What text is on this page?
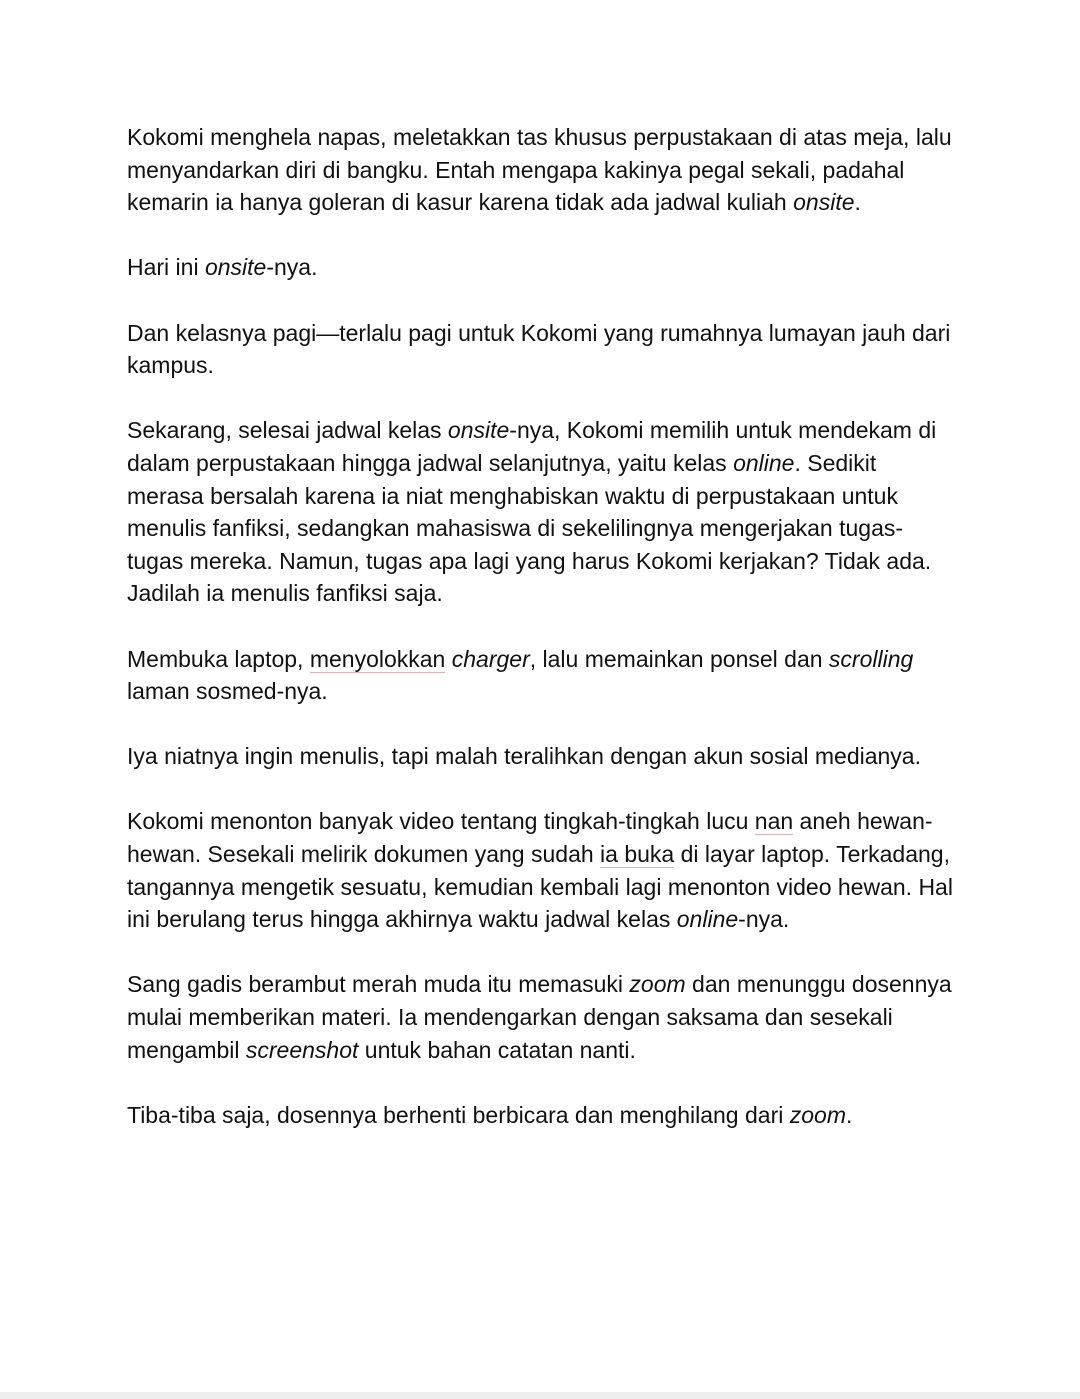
Kokomi menghela napas, meletakkan tas khusus perpustakaan di atas meja, lalu menyandarkan diri di bangku. Entah mengapa kakinya pegal sekali, padahal kemarin ia hanya goleran di kasur karena tidak ada jadwal kuliah onsite.

Hari ini onsite-nya.

Dan kelasnya pagi—terlalu pagi untuk Kokomi yang rumahnya lumayan jauh dari kampus.

Sekarang, selesai jadwal kelas onsite-nya, Kokomi memilih untuk mendekam di dalam perpustakaan hingga jadwal selanjutnya, yaitu kelas online. Sedikit merasa bersalah karena ia niat menghabiskan waktu di perpustakaan untuk menulis fanfiksi, sedangkan mahasiswa di sekelilingnya mengerjakan tugas-tugas mereka. Namun, tugas apa lagi yang harus Kokomi kerjakan? Tidak ada. Jadilah ia menulis fanfiksi saja.

Membuka laptop, menyolokkan charger, lalu memainkan ponsel dan scrolling laman sosmed-nya.

Iya niatnya ingin menulis, tapi malah teralihkan dengan akun sosial medianya.

Kokomi menonton banyak video tentang tingkah-tingkah lucu nan aneh hewan-hewan. Sesekali melirik dokumen yang sudah ia buka di layar laptop. Terkadang, tangannya mengetik sesuatu, kemudian kembali lagi menonton video hewan. Hal ini berulang terus hingga akhirnya waktu jadwal kelas online-nya.

Sang gadis berambut merah muda itu memasuki zoom dan menunggu dosennya mulai memberikan materi. Ia mendengarkan dengan saksama dan sesekali mengambil screenshot untuk bahan catatan nanti.

Tiba-tiba saja, dosennya berhenti berbicara dan menghilang dari zoom.
